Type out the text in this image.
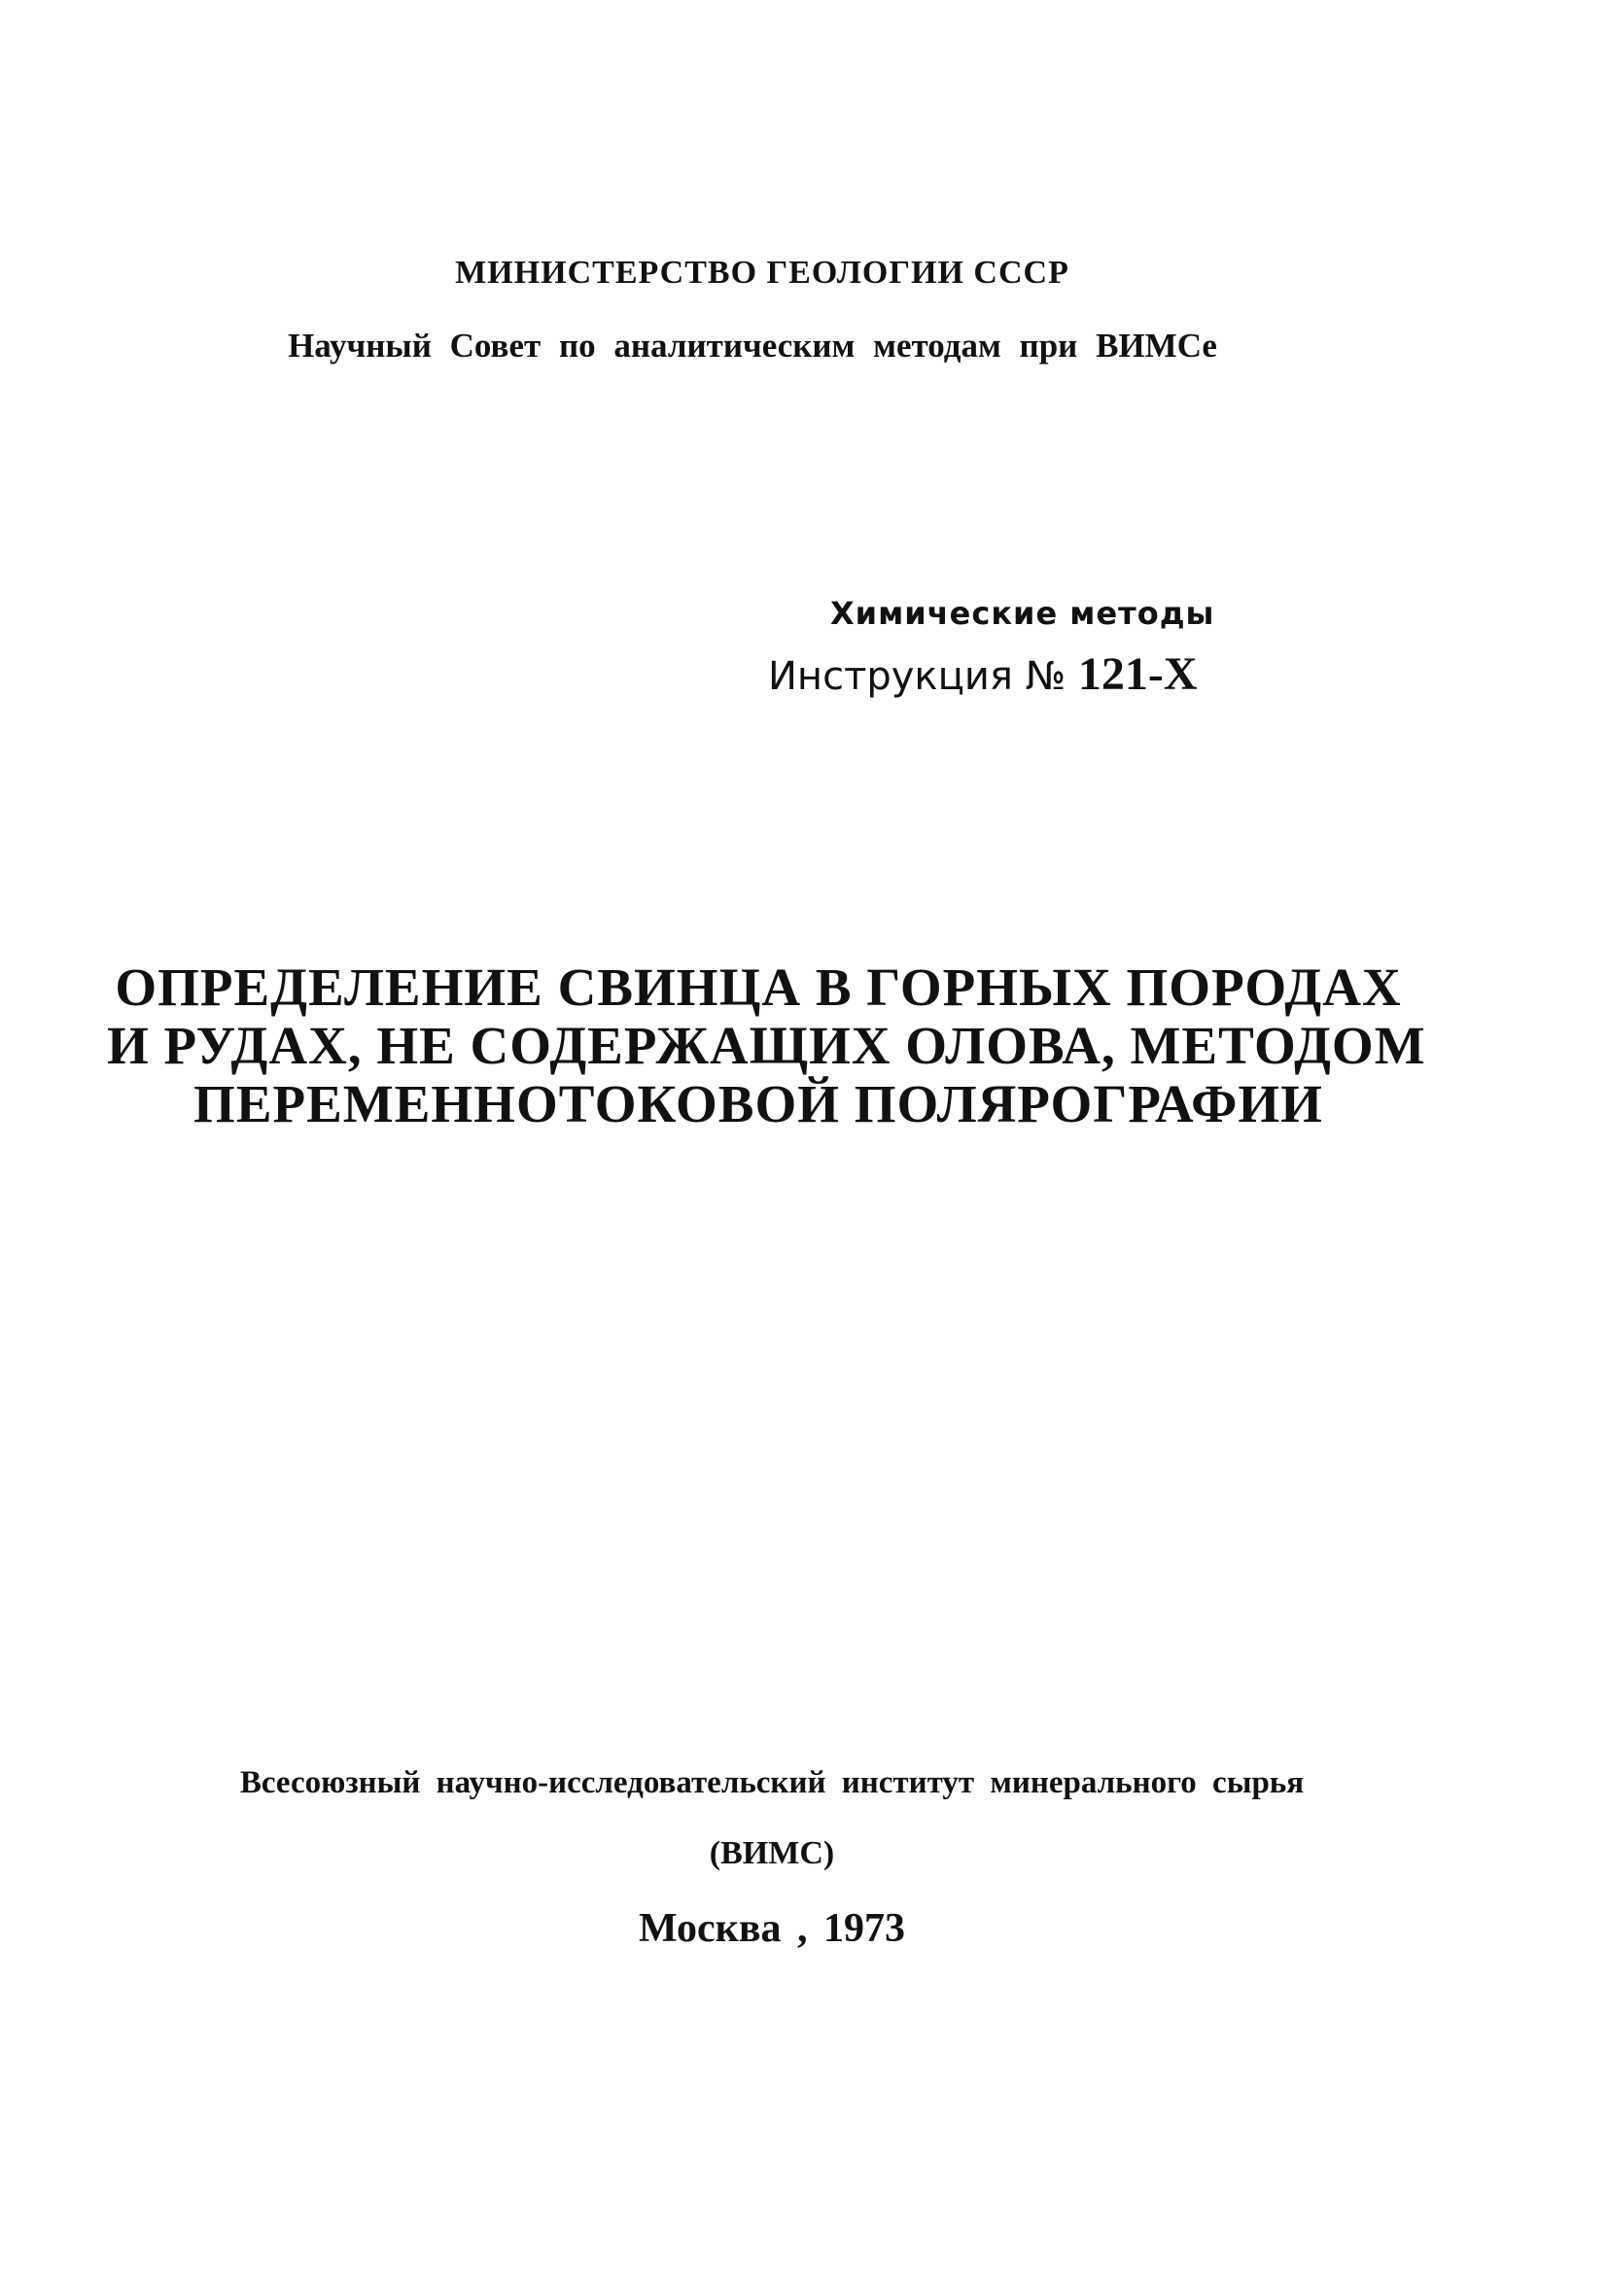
МИНИСТЕРСТВО ГЕОЛОГИИ СССР
Научный Совет по аналитическим методам при ВИМСе
Химические методы
Инструкция № 121-Х
ОПРЕДЕЛЕНИЕ СВИНЦА В ГОРНЫХ ПОРОДАХ
И РУДАХ, НЕ СОДЕРЖАЩИХ ОЛОВА, МЕТОДОМ
ПЕРЕМЕННОТОКОВОЙ ПОЛЯРОГРАФИИ
Всесоюзный научно-исследовательский институт минерального сырья
(ВИМС)
Москва , 1973
